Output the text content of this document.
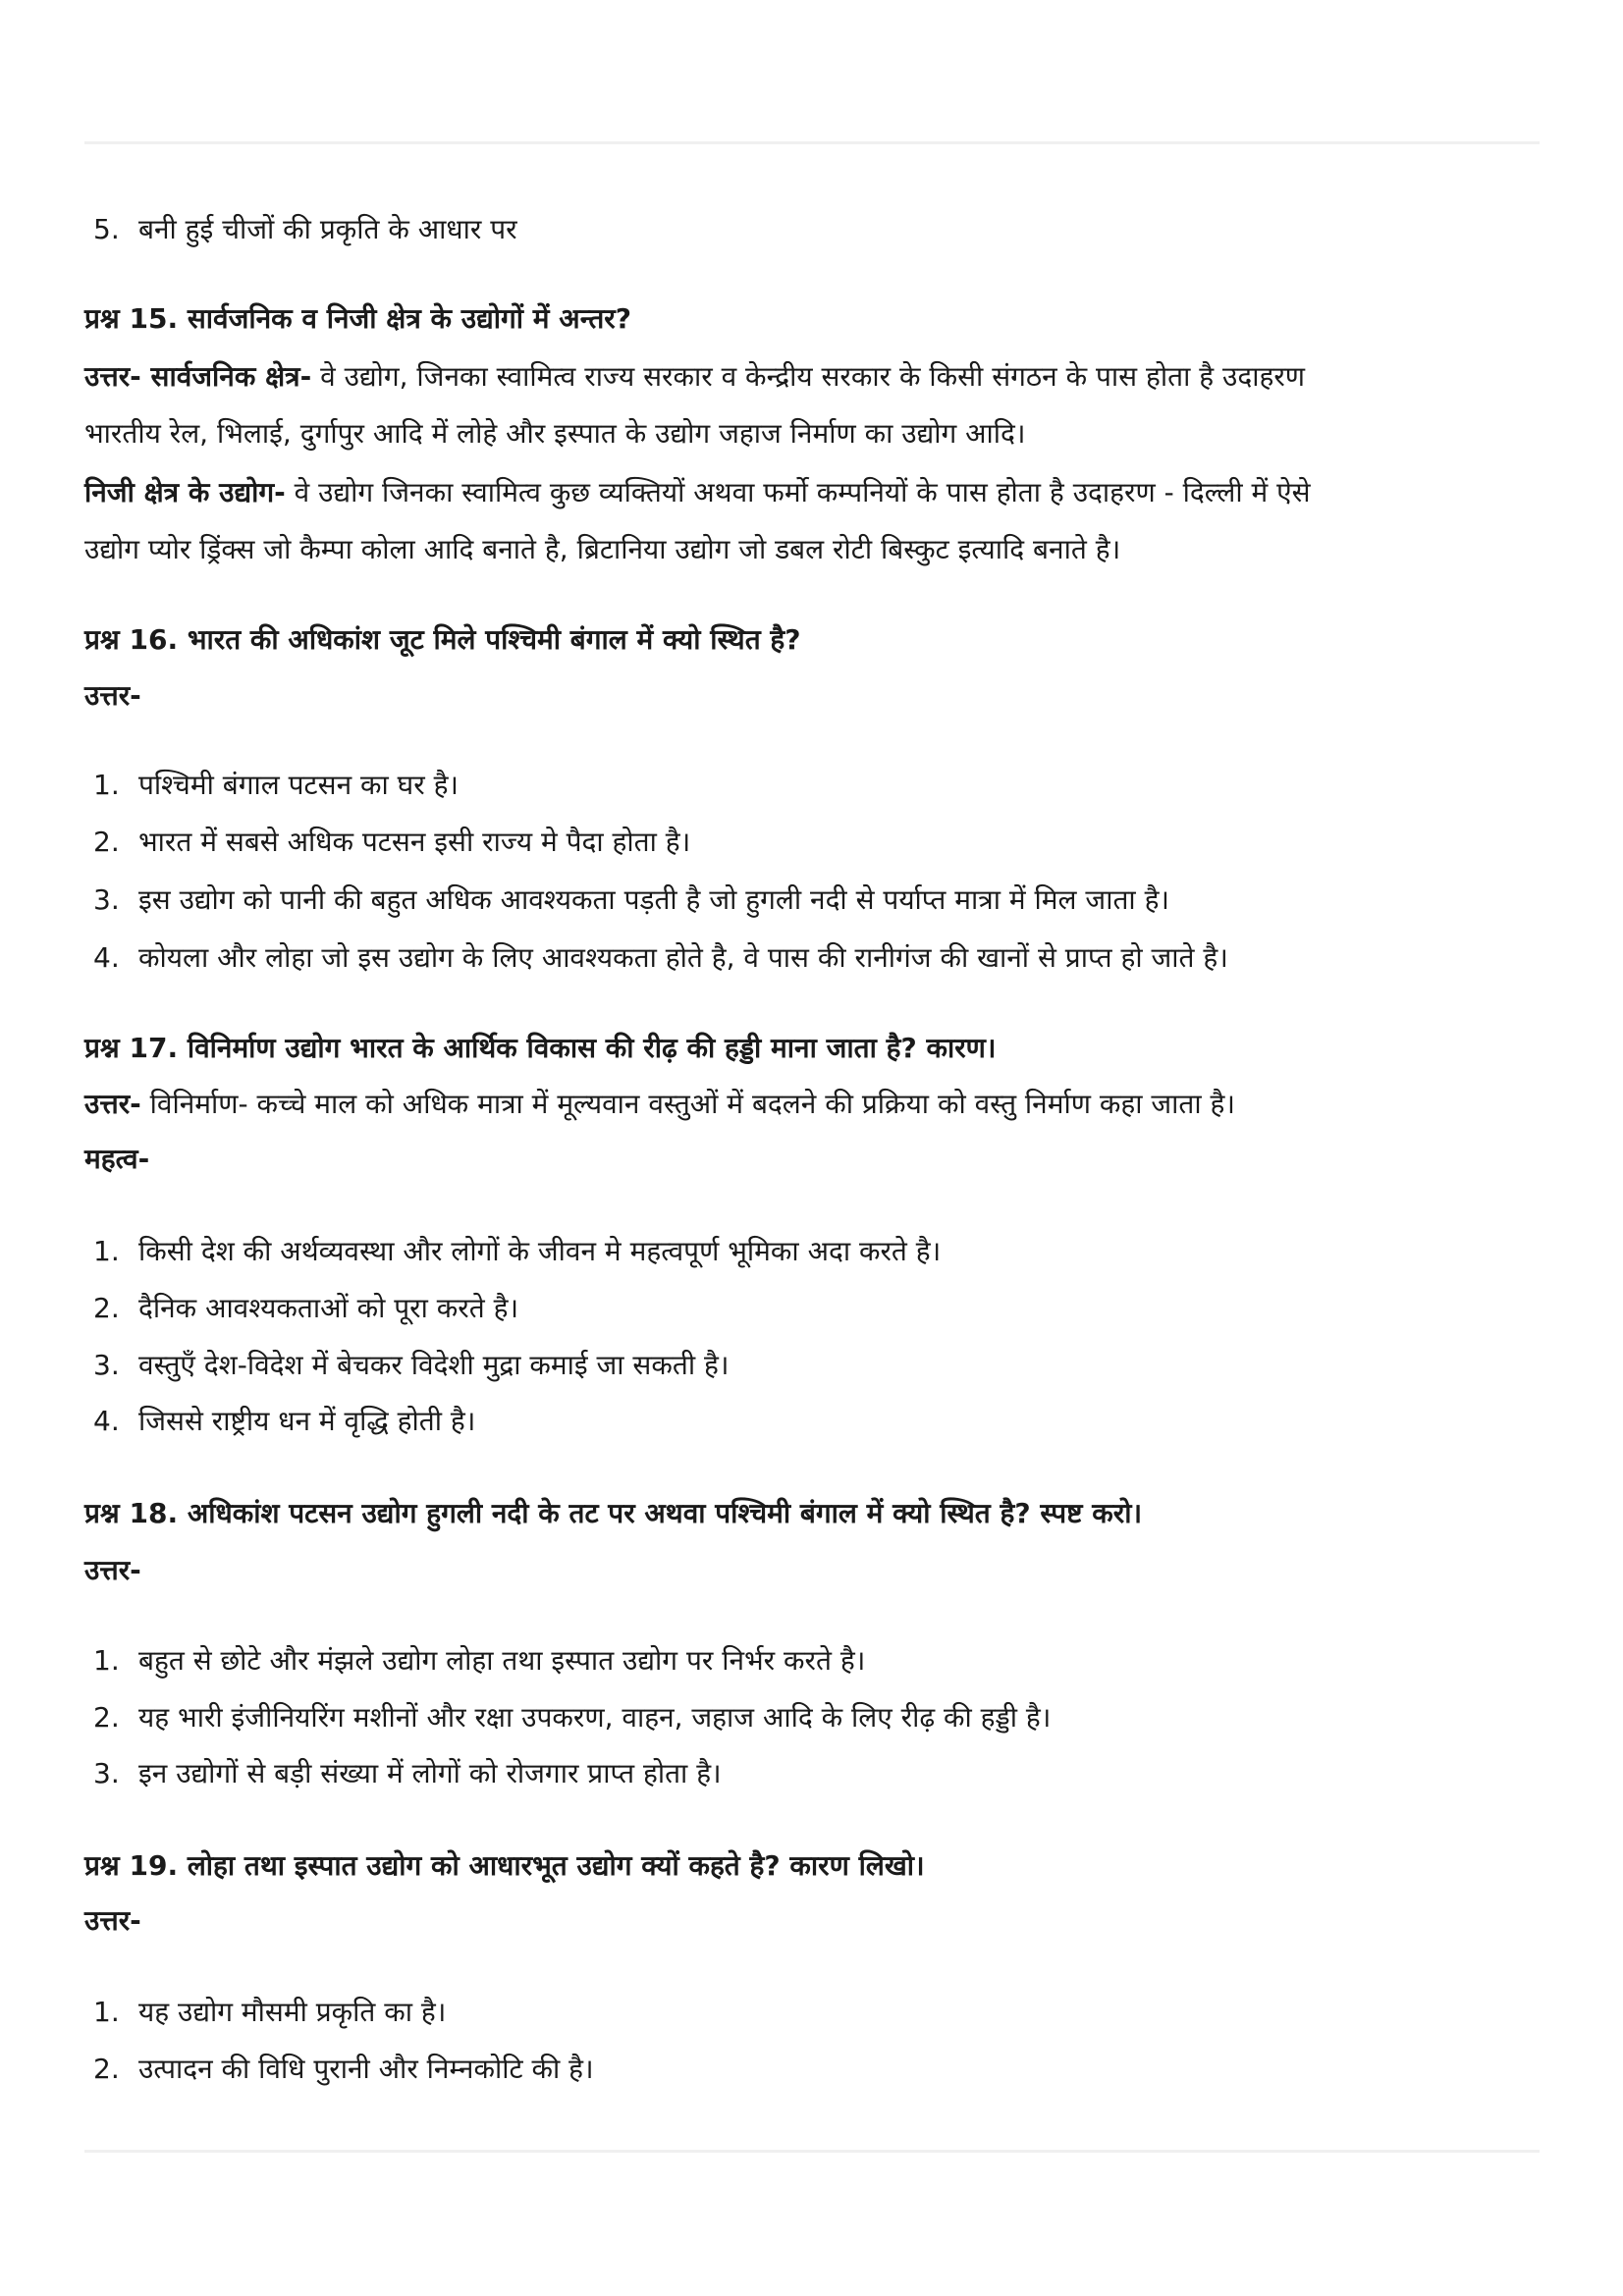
5. बनी हुई चीजों की प्रकृति के आधार पर
प्रश्न 15. सार्वजनिक व निजी क्षेत्र के उद्योगों में अन्तर?
उत्तर- सार्वजनिक क्षेत्र- वे उद्योग, जिनका स्वामित्व राज्य सरकार व केन्द्रीय सरकार के किसी संगठन के पास होता है उदाहरण
भारतीय रेल, भिलाई, दुर्गापुर आदि में लोहे और इस्पात के उद्योग जहाज निर्माण का उद्योग आदि।
निजी क्षेत्र के उद्योग- वे उद्योग जिनका स्वामित्व कुछ व्यक्तियों अथवा फर्मो कम्पनियों के पास होता है उदाहरण - दिल्ली में ऐसे
उद्योग प्योर ड्रिंक्स जो कैम्पा कोला आदि बनाते है, ब्रिटानिया उद्योग जो डबल रोटी बिस्कुट इत्यादि बनाते है।
प्रश्न 16. भारत की अधिकांश जूट मिले पश्चिमी बंगाल में क्यो स्थित है?
उत्तर-
1. पश्चिमी बंगाल पटसन का घर है।
2. भारत में सबसे अधिक पटसन इसी राज्य मे पैदा होता है।
3. इस उद्योग को पानी की बहुत अधिक आवश्यकता पड़ती है जो हुगली नदी से पर्याप्त मात्रा में मिल जाता है।
4. कोयला और लोहा जो इस उद्योग के लिए आवश्यकता होते है, वे पास की रानीगंज की खानों से प्राप्त हो जाते है।
प्रश्न 17. विनिर्माण उद्योग भारत के आर्थिक विकास की रीढ़ की हड्डी माना जाता है? कारण।
उत्तर- विनिर्माण- कच्चे माल को अधिक मात्रा में मूल्यवान वस्तुओं में बदलने की प्रक्रिया को वस्तु निर्माण कहा जाता है।
महत्व-
1. किसी देश की अर्थव्यवस्था और लोगों के जीवन मे महत्वपूर्ण भूमिका अदा करते है।
2. दैनिक आवश्यकताओं को पूरा करते है।
3. वस्तुएँ देश-विदेश में बेचकर विदेशी मुद्रा कमाई जा सकती है।
4. जिससे राष्ट्रीय धन में वृद्धि होती है।
प्रश्न 18. अधिकांश पटसन उद्योग हुगली नदी के तट पर अथवा पश्चिमी बंगाल में क्यो स्थित है? स्पष्ट करो।
उत्तर-
1. बहुत से छोटे और मंझले उद्योग लोहा तथा इस्पात उद्योग पर निर्भर करते है।
2. यह भारी इंजीनियरिंग मशीनों और रक्षा उपकरण, वाहन, जहाज आदि के लिए रीढ़ की हड्डी है।
3. इन उद्योगों से बड़ी संख्या में लोगों को रोजगार प्राप्त होता है।
प्रश्न 19. लोहा तथा इस्पात उद्योग को आधारभूत उद्योग क्यों कहते है? कारण लिखो।
उत्तर-
1. यह उद्योग मौसमी प्रकृति का है।
2. उत्पादन की विधि पुरानी और निम्नकोटि की है।
